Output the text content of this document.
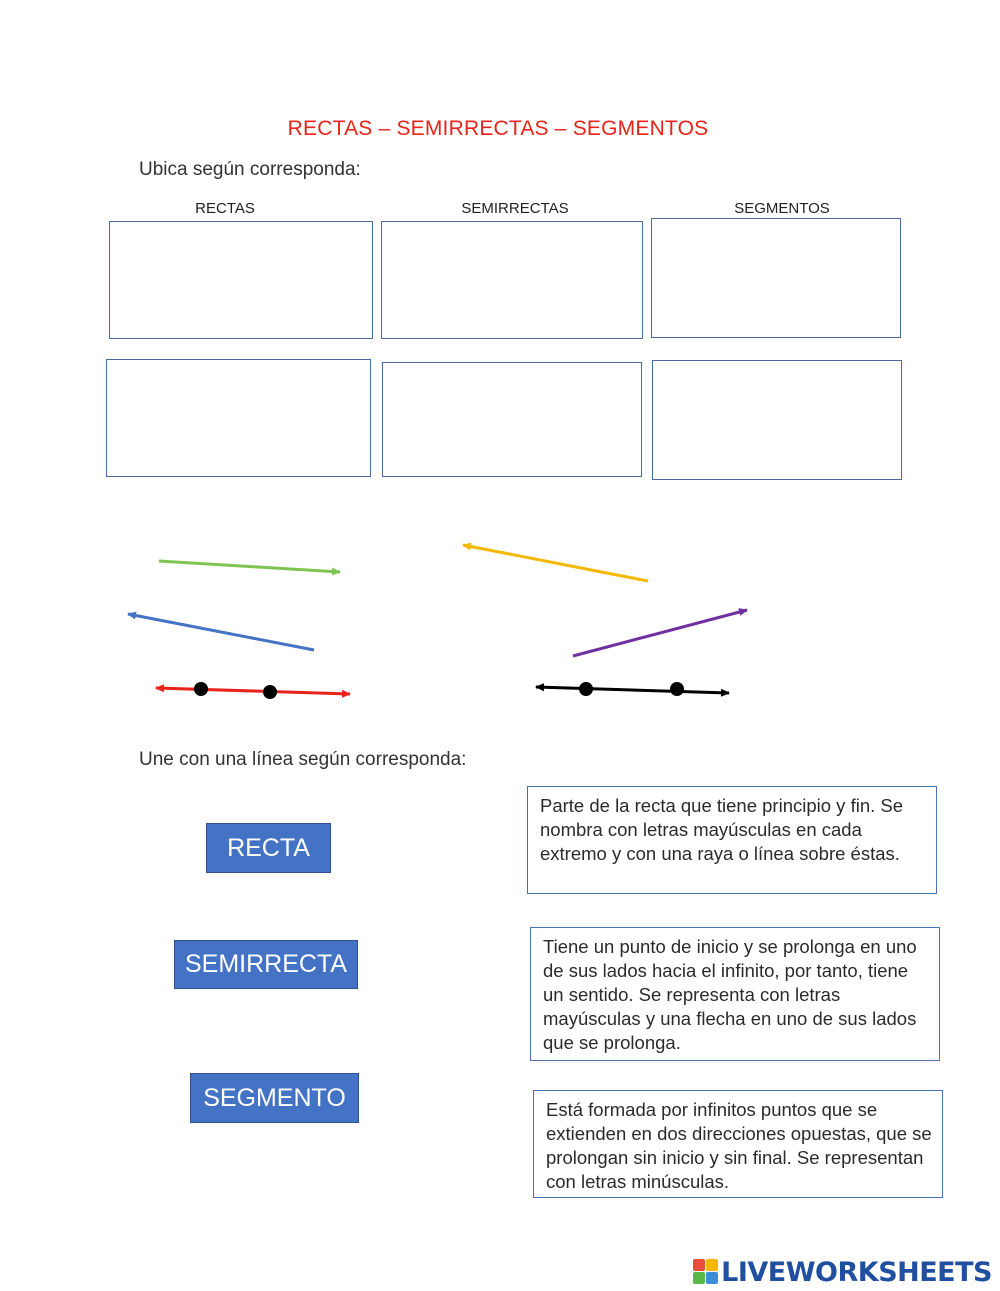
RECTAS – SEMIRRECTAS – SEGMENTOS
Ubica según corresponda:
RECTAS	SEMIRRECTAS	SEGMENTOS
Une con una línea según corresponda:
RECTA
SEMIRRECTA
SEGMENTO
Parte de la recta que tiene principio y fin. Se nombra con letras mayúsculas en cada extremo y con una raya o línea sobre éstas.
Tiene un punto de inicio y se prolonga en uno de sus lados hacia el infinito, por tanto, tiene un sentido. Se representa con letras mayúsculas y una flecha en uno de sus lados que se prolonga.
Está formada por infinitos puntos que se extienden en dos direcciones opuestas, que se prolongan sin inicio y sin final. Se representan con letras minúsculas.
LIVEWORKSHEETS
